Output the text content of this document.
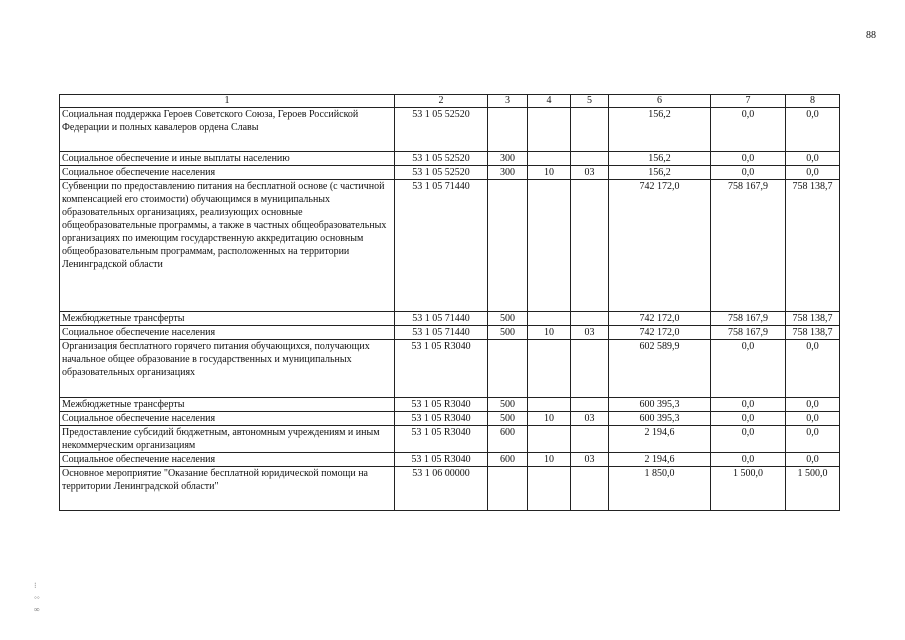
88
1	2	3	4	5	6	7	8
Социальная поддержка Героев Советского Союза, Героев Российской Федерации и полных кавалеров ордена Славы	53 1 05 52520				156,2	0,0	0,0
Социальное обеспечение и иные выплаты населению	53 1 05 52520	300			156,2	0,0	0,0
Социальное обеспечение населения	53 1 05 52520	300	10	03	156,2	0,0	0,0
Субвенции по предоставлению питания на бесплатной основе (с частичной компенсацией его стоимости) обучающимся в муниципальных образовательных организациях, реализующих основные общеобразовательные программы, а также в частных общеобразовательных организациях по имеющим государственную аккредитацию основным общеобразовательным программам, расположенных на территории Ленинградской области	53 1 05 71440				742 172,0	758 167,9	758 138,7
Межбюджетные трансферты	53 1 05 71440	500			742 172,0	758 167,9	758 138,7
Социальное обеспечение населения	53 1 05 71440	500	10	03	742 172,0	758 167,9	758 138,7
Организация бесплатного горячего питания обучающихся, получающих начальное общее образование в государственных и муниципальных образовательных организациях	53 1 05 R3040				602 589,9	0,0	0,0
Межбюджетные трансферты	53 1 05 R3040	500			600 395,3	0,0	0,0
Социальное обеспечение населения	53 1 05 R3040	500	10	03	600 395,3	0,0	0,0
Предоставление субсидий бюджетным, автономным учреждениям и иным некоммерческим организациям	53 1 05 R3040	600			2 194,6	0,0	0,0
Социальное обеспечение населения	53 1 05 R3040	600	10	03	2 194,6	0,0	0,0
Основное мероприятие "Оказание бесплатной юридической помощи на территории Ленинградской области"	53 1 06 00000				1 850,0	1 500,0	1 500,0
⁝
◦◦
∞
